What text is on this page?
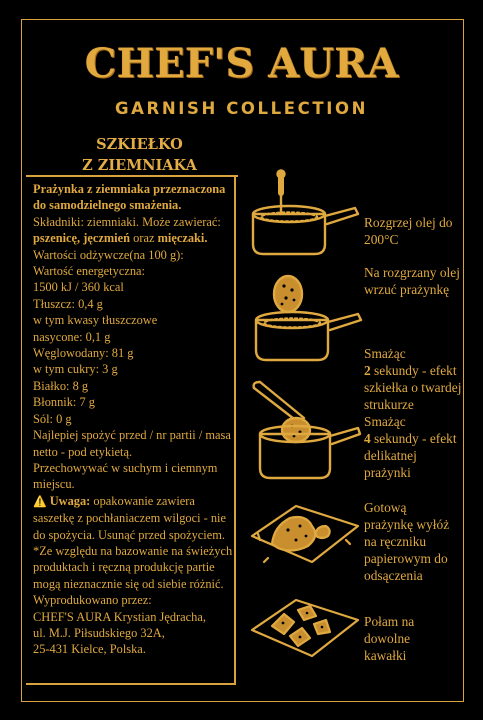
CHEF'S AURA
GARNISH COLLECTION
SZKIEŁKO
Z ZIEMNIAKA

Prażynka z ziemniaka przeznaczona do samodzielnego smażenia.

Składniki: ziemniaki. Może zawierać: pszenicę, jęczmień oraz mięczaki.

Wartości odżywcze(na 100 g):

Wartość energetyczna:

1500 kJ / 360 kcal

Tłuszcz: 0,4 g

w tym kwasy tłuszczowe

nasycone: 0,1 g

Węglowodany: 81 g

w tym cukry: 3 g

Białko: 8 g

Błonnik: 7 g

Sól: 0 g

Najlepiej spożyć przed / nr partii / masa netto - pod etykietą.

Przechowywać w suchym i ciemnym miejscu.

⚠️ Uwaga: opakowanie zawiera saszetkę z pochłaniaczem wilgoci - nie do spożycia. Usunąć przed spożyciem.

*Ze względu na bazowanie na świeżych produktach i ręczną produkcję partie mogą nieznacznie się od siebie różnić.

Wyprodukowano przez:

CHEF'S AURA Krystian Jędracha,

ul. M.J. Piłsudskiego 32A,

25-431 Kielce, Polska.

Rozgrzej olej do 200°C
Na rozgrzany olej wrzuć prażynkę
Smażąc
2 sekundy - efekt szkiełka o twardej strukurze
Smażąc
4 sekundy - efekt delikatnej prażynki
Gotową prażynkę wyłóż na ręczniku papierowym do odsączenia
Połam na dowolne kawałki
